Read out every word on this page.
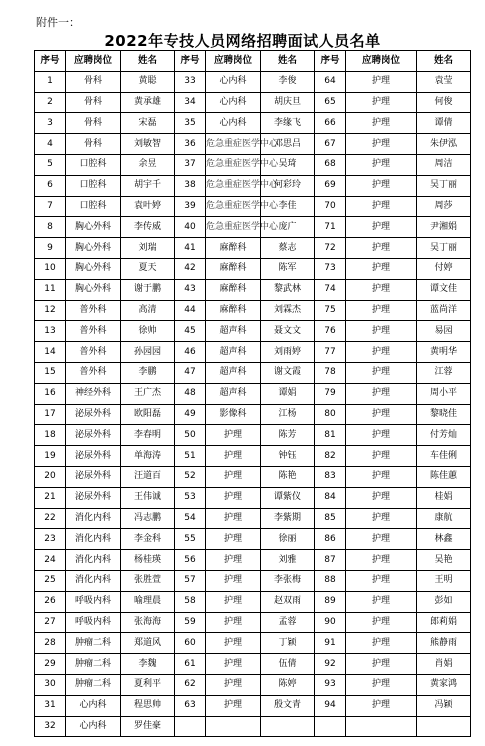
附件一：
2022年专技人员网络招聘面试人员名单
序号	应聘岗位	姓名	序号	应聘岗位	姓名	序号	应聘岗位	姓名
1	骨科	黄聪	33	心内科	李俊	64	护理	袁莹
2	骨科	黄承雄	34	心内科	胡庆旦	65	护理	何俊
3	骨科	宋磊	35	心内科	李缘飞	66	护理	谭倩
4	骨科	刘敏智	36	危急重症医学中心	邓思吕	67	护理	朱伊泓
5	口腔科	余昱	37	危急重症医学中心	吴琦	68	护理	周洁
6	口腔科	胡宇千	38	危急重症医学中心	何彩玲	69	护理	吴丁丽
7	口腔科	袁叶婷	39	危急重症医学中心	李佳	70	护理	周莎
8	胸心外科	李传威	40	危急重症医学中心	庞广	71	护理	尹湘娟
9	胸心外科	刘瑞	41	麻醉科	蔡志	72	护理	吴丁丽
10	胸心外科	夏天	42	麻醉科	陈军	73	护理	付婷
11	胸心外科	谢于鹏	43	麻醉科	黎武林	74	护理	谭文佳
12	普外科	高清	44	麻醉科	刘霖杰	75	护理	蓝尚洋
13	普外科	徐帅	45	超声科	聂文文	76	护理	易园
14	普外科	孙园园	46	超声科	刘雨婷	77	护理	黄明华
15	普外科	李鹏	47	超声科	谢文霞	78	护理	江蓉
16	神经外科	王广杰	48	超声科	谭娟	79	护理	周小平
17	泌尿外科	欧阳磊	49	影像科	江杨	80	护理	黎晓佳
18	泌尿外科	李春明	50	护理	陈芳	81	护理	付芳灿
19	泌尿外科	单海涛	51	护理	钟钰	82	护理	车佳俐
20	泌尿外科	汪道百	52	护理	陈艳	83	护理	陈佳蕙
21	泌尿外科	王伟诚	53	护理	谭紫仪	84	护理	桂娟
22	消化内科	冯志鹏	54	护理	李紫期	85	护理	康航
23	消化内科	李金科	55	护理	徐丽	86	护理	林鑫
24	消化内科	杨桂瑛	56	护理	刘雅	87	护理	吴艳
25	消化内科	张胜萱	57	护理	李张梅	88	护理	王明
26	呼吸内科	喻理晨	58	护理	赵双雨	89	护理	彭如
27	呼吸内科	张海海	59	护理	孟蓉	90	护理	郎莉娟
28	肿瘤二科	郑道风	60	护理	丁颖	91	护理	熊静雨
29	肿瘤二科	李魏	61	护理	伍倩	92	护理	肖娟
30	肿瘤二科	夏利平	62	护理	陈婷	93	护理	黄家鸿
31	心内科	程思帅	63	护理	殷文青	94	护理	冯颖
32	心内科	罗佳豪						
